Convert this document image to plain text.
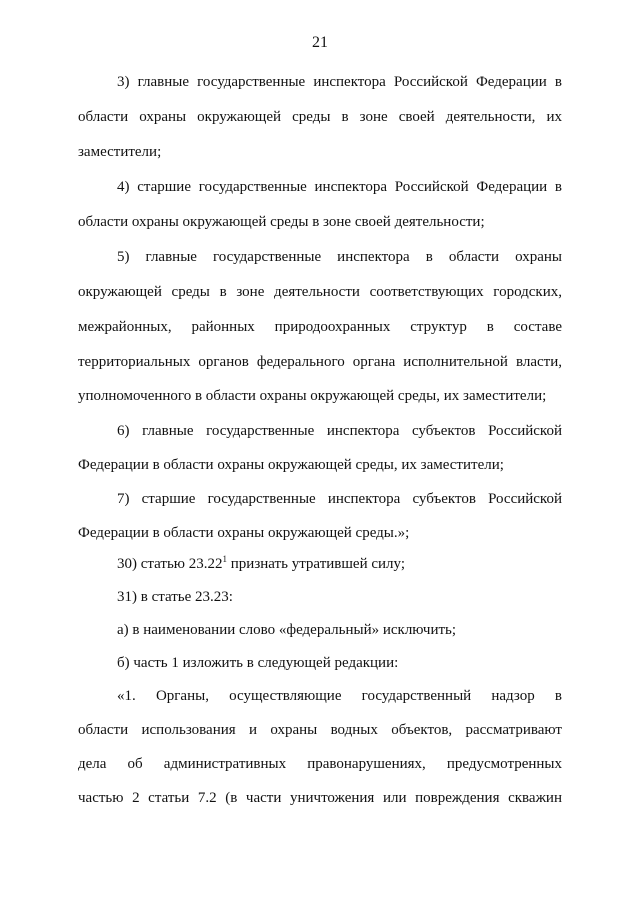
21
3) главные государственные инспектора Российской Федерации в
области охраны окружающей среды в зоне своей деятельности, их
заместители;
4) старшие государственные инспектора Российской Федерации в
области охраны окружающей среды в зоне своей деятельности;
5) главные государственные инспектора в области охраны
окружающей среды в зоне деятельности соответствующих городских,
межрайонных, районных природоохранных структур в составе
территориальных органов федерального органа исполнительной власти,
уполномоченного в области охраны окружающей среды, их заместители;
6) главные государственные инспектора субъектов Российской
Федерации в области охраны окружающей среды, их заместители;
7) старшие государственные инспектора субъектов Российской
Федерации в области охраны окружающей среды.»;
30) статью 23.22$^1$ признать утратившей силу;
31) в статье 23.23:
а) в наименовании слово «федеральный» исключить;
б) часть 1 изложить в следующей редакции:
«1. Органы, осуществляющие государственный надзор в
области использования и охраны водных объектов, рассматривают
дела об административных правонарушениях, предусмотренных
частью 2 статьи 7.2 (в части уничтожения или повреждения скважин
